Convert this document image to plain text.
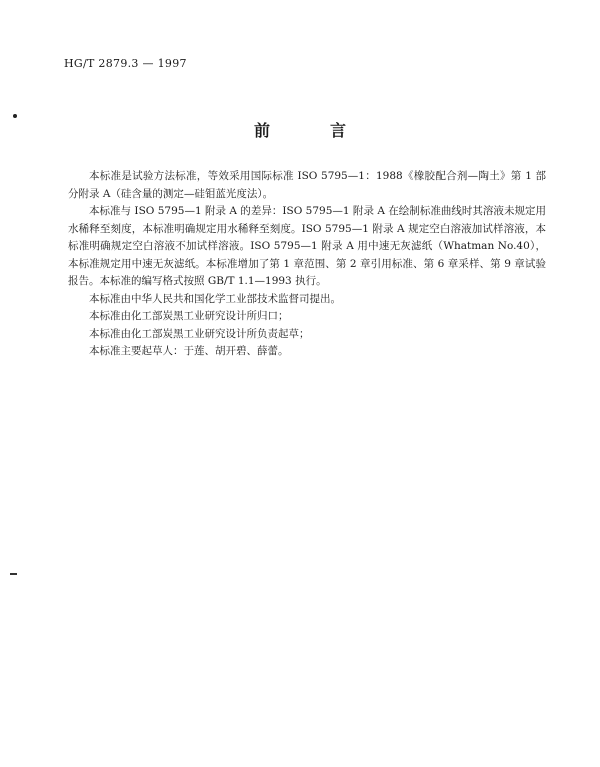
HG/T 2879.3 — 1997
前　言

本标准是试验方法标准，等效采用国际标准 ISO 5795—1：1988《橡胶配合剂—陶土》第 1 部分附录 A（硅含量的测定—硅钼蓝光度法）。

本标准与 ISO 5795—1 附录 A 的差异：ISO 5795—1 附录 A 在绘制标准曲线时其溶液未规定用水稀释至刻度，本标准明确规定用水稀释至刻度。ISO 5795—1 附录 A 规定空白溶液加试样溶液，本标准明确规定空白溶液不加试样溶液。ISO 5795—1 附录 A 用中速无灰滤纸（Whatman No.40），本标准规定用中速无灰滤纸。本标准增加了第 1 章范围、第 2 章引用标准、第 6 章采样、第 9 章试验报告。本标准的编写格式按照 GB/T 1.1—1993 执行。

本标准由中华人民共和国化学工业部技术监督司提出。

本标准由化工部炭黑工业研究设计所归口；

本标准由化工部炭黑工业研究设计所负责起草；

本标准主要起草人：于莲、胡开碧、薛蕾。
